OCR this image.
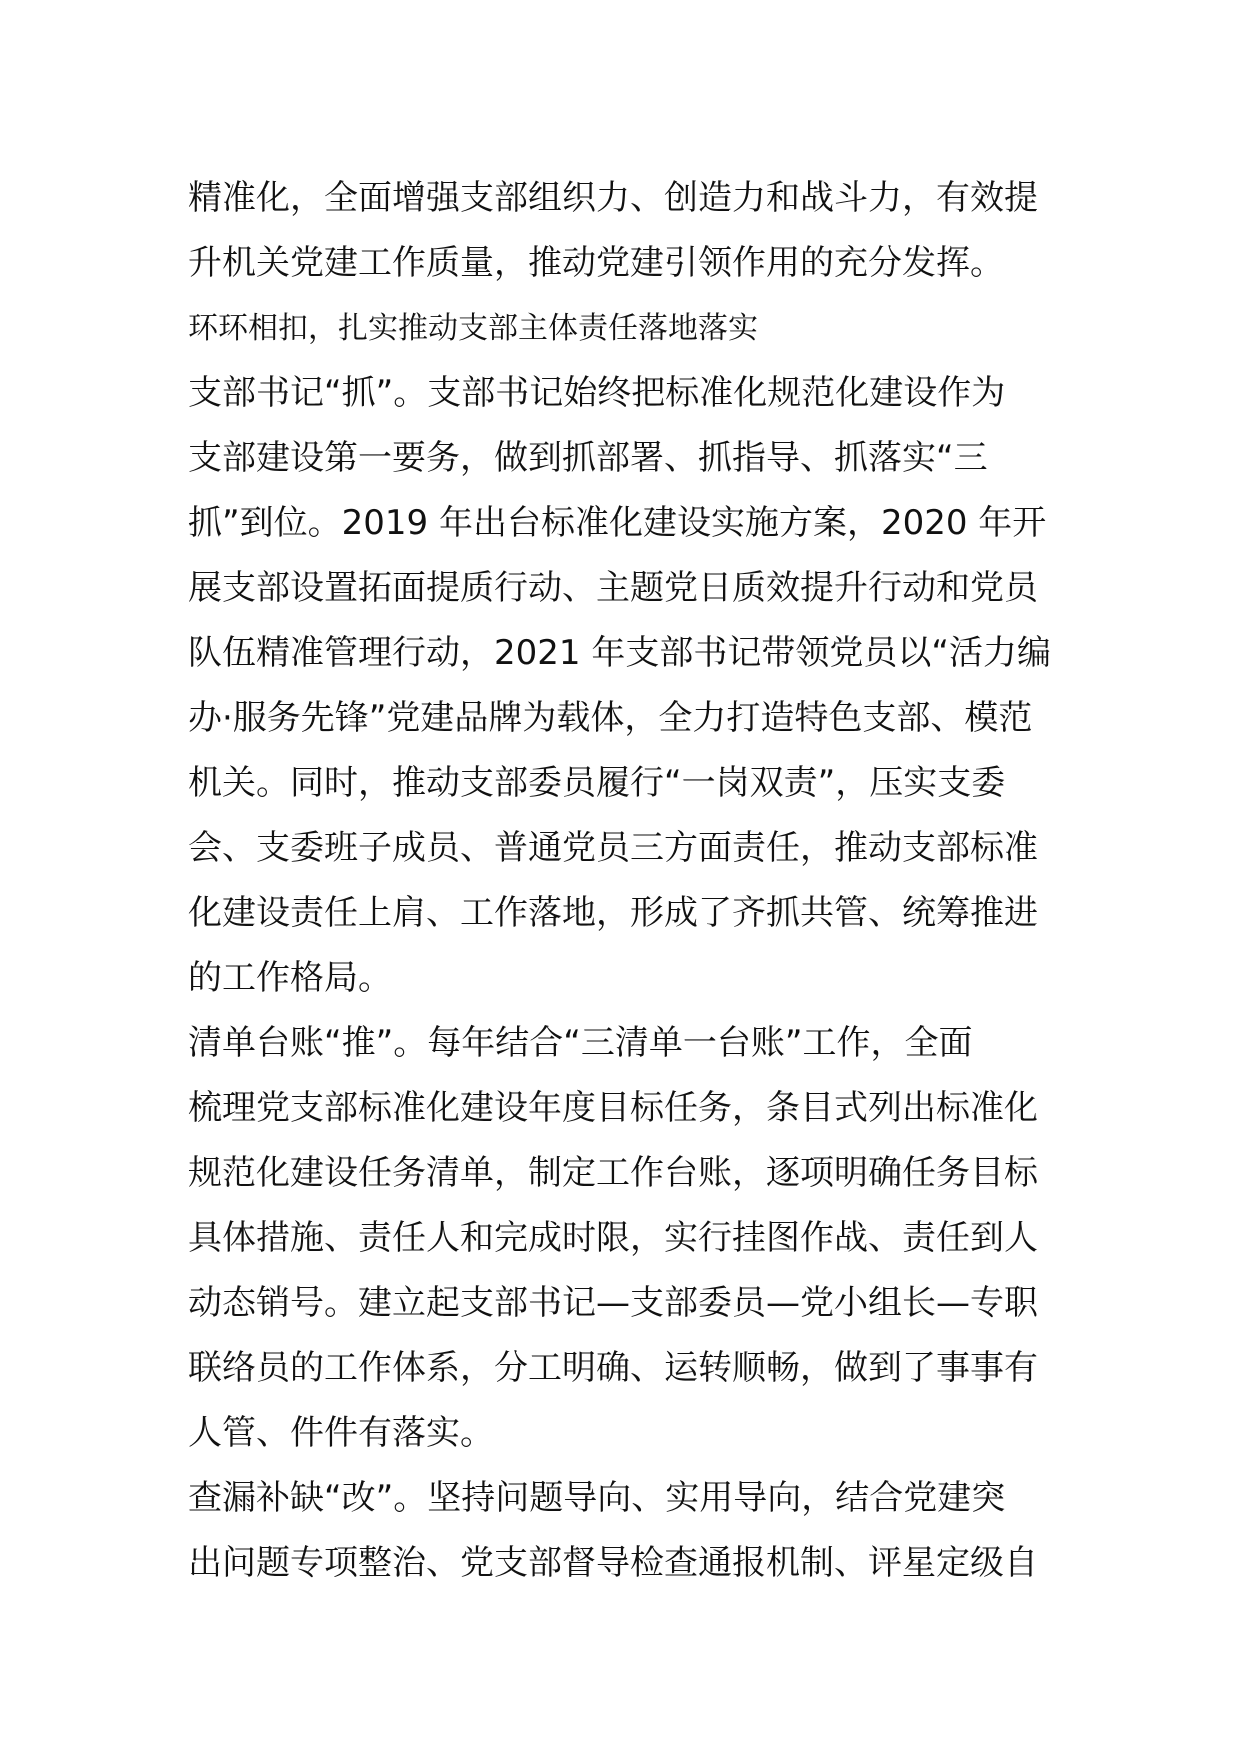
精准化，全面增强支部组织力、创造力和战斗力，有效提
升机关党建工作质量，推动党建引领作用的充分发挥。
环环相扣，扎实推动支部主体责任落地落实
支部书记“抓”。支部书记始终把标准化规范化建设作为
支部建设第一要务，做到抓部署、抓指导、抓落实“三
抓”到位。2019 年出台标准化建设实施方案，2020 年开
展支部设置拓面提质行动、主题党日质效提升行动和党员
队伍精准管理行动，2021 年支部书记带领党员以“活力编
办·服务先锋”党建品牌为载体，全力打造特色支部、模范
机关。同时，推动支部委员履行“一岗双责”，压实支委
会、支委班子成员、普通党员三方面责任，推动支部标准
化建设责任上肩、工作落地，形成了齐抓共管、统筹推进
的工作格局。
清单台账“推”。每年结合“三清单一台账”工作，全面
梳理党支部标准化建设年度目标任务，条目式列出标准化
规范化建设任务清单，制定工作台账，逐项明确任务目标
具体措施、责任人和完成时限，实行挂图作战、责任到人
动态销号。建立起支部书记—支部委员—党小组长—专职
联络员的工作体系，分工明确、运转顺畅，做到了事事有
人管、件件有落实。
查漏补缺“改”。坚持问题导向、实用导向，结合党建突
出问题专项整治、党支部督导检查通报机制、评星定级自
